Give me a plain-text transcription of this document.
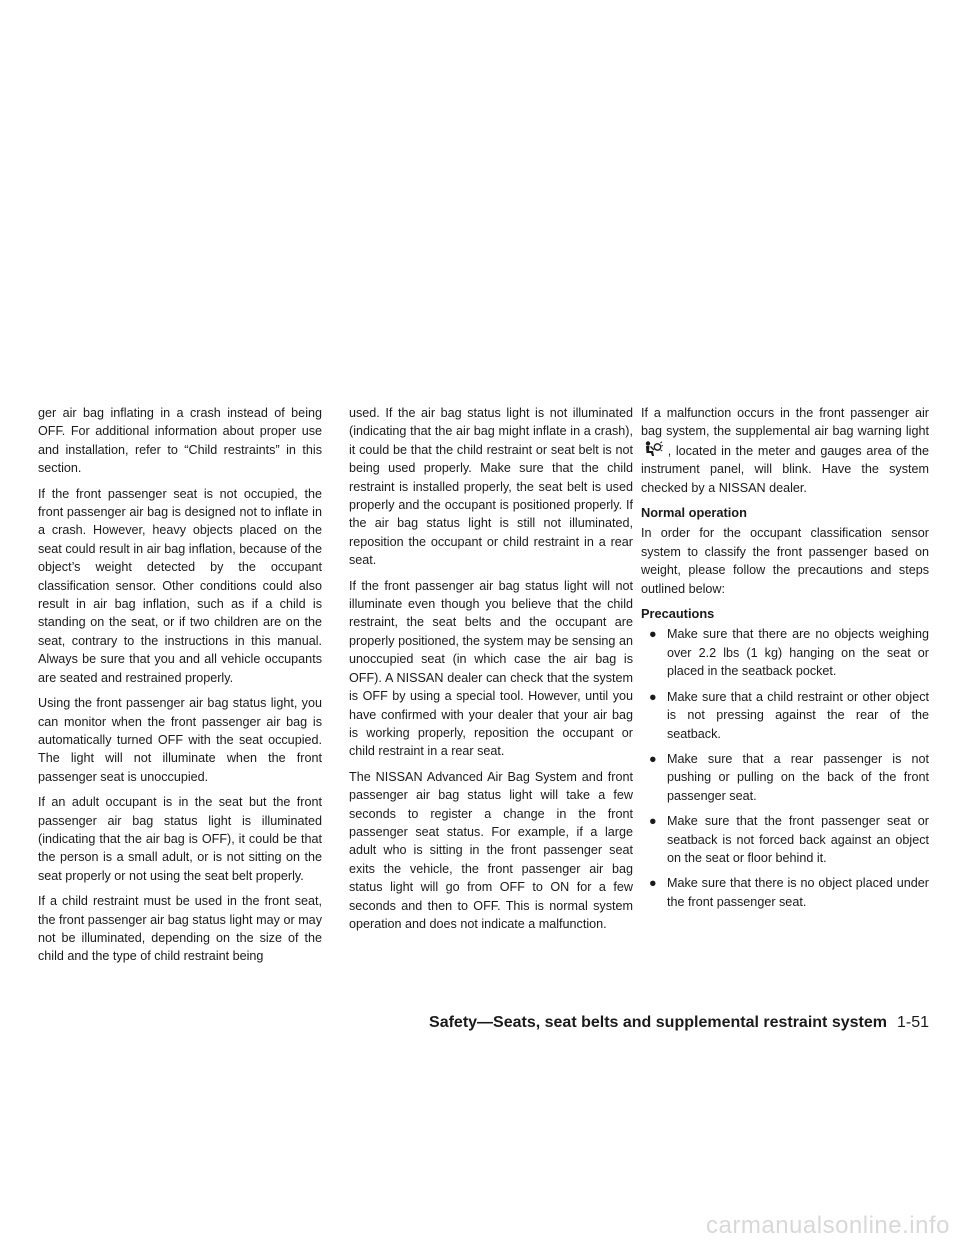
ger air bag inflating in a crash instead of being OFF. For additional information about proper use and installation, refer to “Child restraints” in this section.

If the front passenger seat is not occupied, the front passenger air bag is designed not to inflate in a crash. However, heavy objects placed on the seat could result in air bag inflation, because of the object’s weight detected by the occupant classification sensor. Other conditions could also result in air bag inflation, such as if a child is standing on the seat, or if two children are on the seat, contrary to the instructions in this manual. Always be sure that you and all vehicle occupants are seated and restrained properly.

Using the front passenger air bag status light, you can monitor when the front passenger air bag is automatically turned OFF with the seat occupied. The light will not illuminate when the front passenger seat is unoccupied.

If an adult occupant is in the seat but the front passenger air bag status light is illuminated (indicating that the air bag is OFF), it could be that the person is a small adult, or is not sitting on the seat properly or not using the seat belt properly.

If a child restraint must be used in the front seat, the front passenger air bag status light may or may not be illuminated, depending on the size of the child and the type of child restraint being

used. If the air bag status light is not illuminated (indicating that the air bag might inflate in a crash), it could be that the child restraint or seat belt is not being used properly. Make sure that the child restraint is installed properly, the seat belt is used properly and the occupant is positioned properly. If the air bag status light is still not illuminated, reposition the occupant or child restraint in a rear seat.

If the front passenger air bag status light will not illuminate even though you believe that the child restraint, the seat belts and the occupant are properly positioned, the system may be sensing an unoccupied seat (in which case the air bag is OFF). A NISSAN dealer can check that the system is OFF by using a special tool. However, until you have confirmed with your dealer that your air bag is working properly, reposition the occupant or child restraint in a rear seat.

The NISSAN Advanced Air Bag System and front passenger air bag status light will take a few seconds to register a change in the front passenger seat status. For example, if a large adult who is sitting in the front passenger seat exits the vehicle, the front passenger air bag status light will go from OFF to ON for a few seconds and then to OFF. This is normal system operation and does not indicate a malfunction.

If a malfunction occurs in the front passenger air bag system, the supplemental air bag warning light  , located in the meter and gauges area of the instrument panel, will blink. Have the system checked by a NISSAN dealer.

Normal operation

In order for the occupant classification sensor system to classify the front passenger based on weight, please follow the precautions and steps outlined below:

Precautions
● Make sure that there are no objects weighing over 2.2 lbs (1 kg) hanging on the seat or placed in the seatback pocket.
● Make sure that a child restraint or other object is not pressing against the rear of the seatback.
● Make sure that a rear passenger is not pushing or pulling on the back of the front passenger seat.
● Make sure that the front passenger seat or seatback is not forced back against an object on the seat or floor behind it.
● Make sure that there is no object placed under the front passenger seat.
Safety—Seats, seat belts and supplemental restraint system 1-51
carmanualsonline.info
